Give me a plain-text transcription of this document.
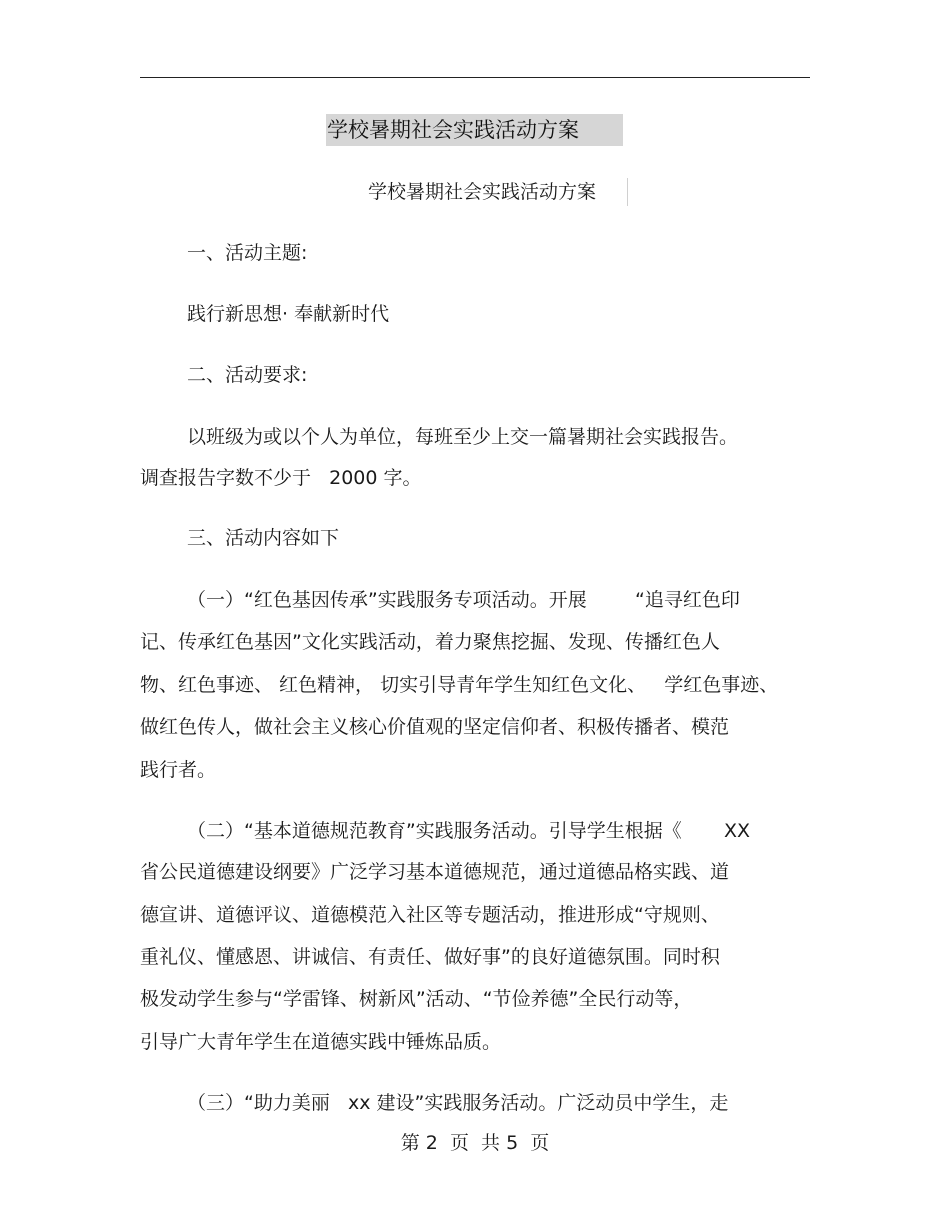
学校暑期社会实践活动方案
学校暑期社会实践活动方案
一、活动主题:
践行新思想· 奉献新时代
二、活动要求:
以班级为或以个人为单位，每班至少上交一篇暑期社会实践报告。
调查报告字数不少于   2000 字。
三、活动内容如下
（一）“红色基因传承”实践服务专项活动。开展        “追寻红色印
记、传承红色基因”文化实践活动，着力聚焦挖掘、发现、传播红色人
物、红色事迹、 红色精神， 切实引导青年学生知红色文化、   学红色事迹、
做红色传人，做社会主义核心价值观的坚定信仰者、积极传播者、模范
践行者。
（二）“基本道德规范教育”实践服务活动。引导学生根据《       XX
省公民道德建设纲要》广泛学习基本道德规范，通过道德品格实践、道
德宣讲、道德评议、道德模范入社区等专题活动，推进形成“守规则、
重礼仪、懂感恩、讲诚信、有责任、做好事”的良好道德氛围。同时积
极发动学生参与“学雷锋、树新风”活动、“节俭养德”全民行动等，
引导广大青年学生在道德实践中锤炼品质。
（三）“助力美丽   xx 建设”实践服务活动。广泛动员中学生，走
第 2  页  共 5  页
